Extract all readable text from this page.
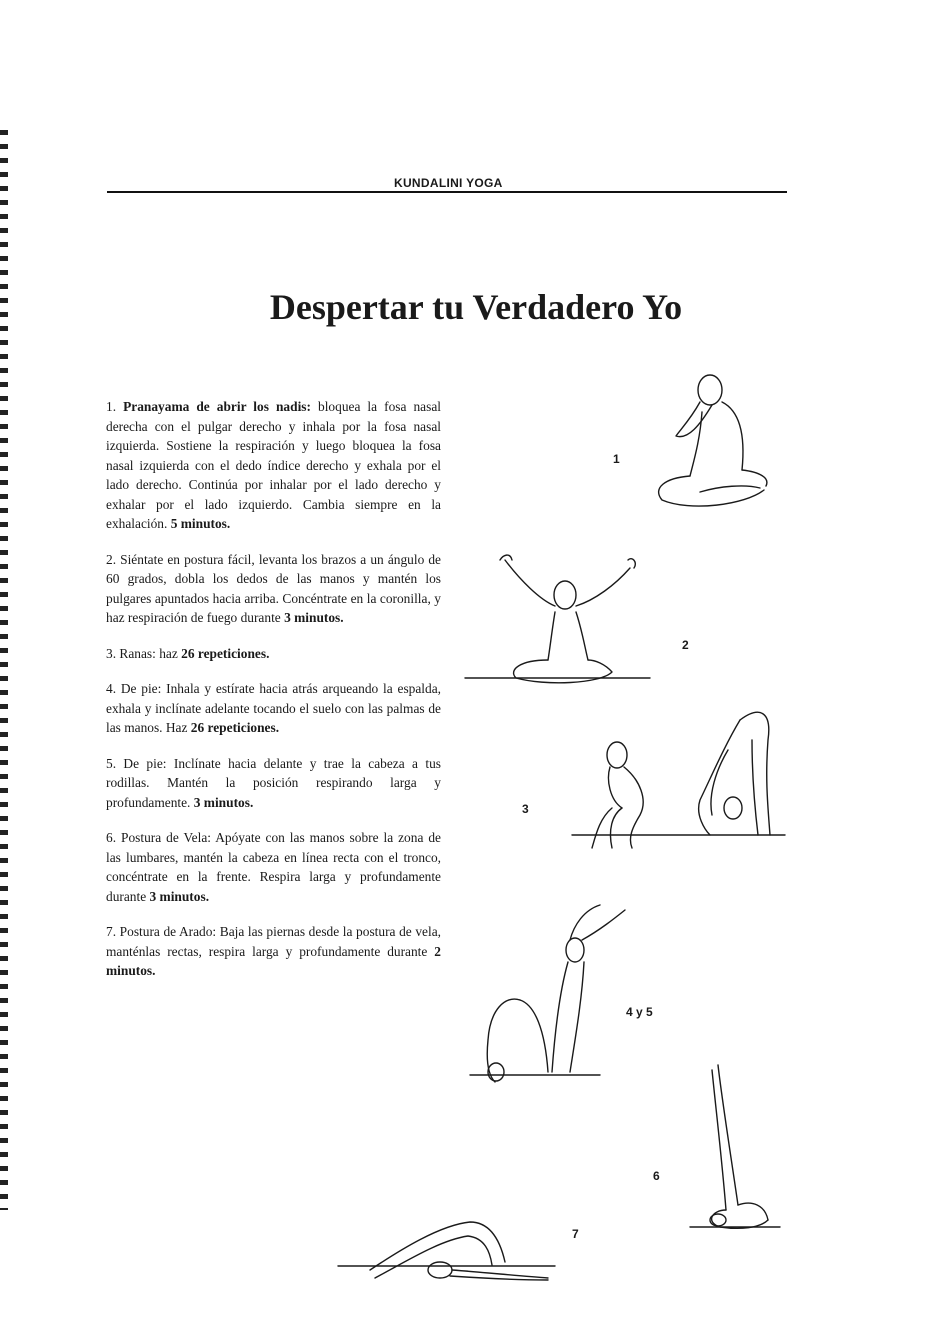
KUNDALINI YOGA
Despertar tu Verdadero Yo

1. Pranayama de abrir los nadis: bloquea la fosa nasal derecha con el pulgar derecho y inhala por la fosa nasal izquierda. Sostiene la respiración y luego bloquea la fosa nasal izquierda con el dedo índice derecho y exhala por el lado derecho. Continúa por inhalar por el lado derecho y exhalar por el lado izquierdo. Cambia siempre en la exhalación. 5 minutos.

2. Siéntate en postura fácil, levanta los brazos a un ángulo de 60 grados, dobla los dedos de las manos y mantén los pulgares apuntados hacia arriba. Concéntrate en la coronilla, y haz respiración de fuego durante 3 minutos.

3. Ranas: haz 26 repeticiones.

4. De pie: Inhala y estírate hacia atrás arqueando la espalda, exhala y inclínate adelante tocando el suelo con las palmas de las manos. Haz 26 repeticiones.

5. De pie: Inclínate hacia delante y trae la cabeza a tus rodillas. Mantén la posición respirando larga y profundamente. 3 minutos.

6. Postura de Vela: Apóyate con las manos sobre la zona de las lumbares, mantén la cabeza en línea recta con el tronco, concéntrate en la frente. Respira larga y profundamente durante 3 minutos.

7. Postura de Arado: Baja las piernas desde la postura de vela, manténlas rectas, respira larga y profundamente durante 2 minutos.

1
2
3
4 y 5
6
7
